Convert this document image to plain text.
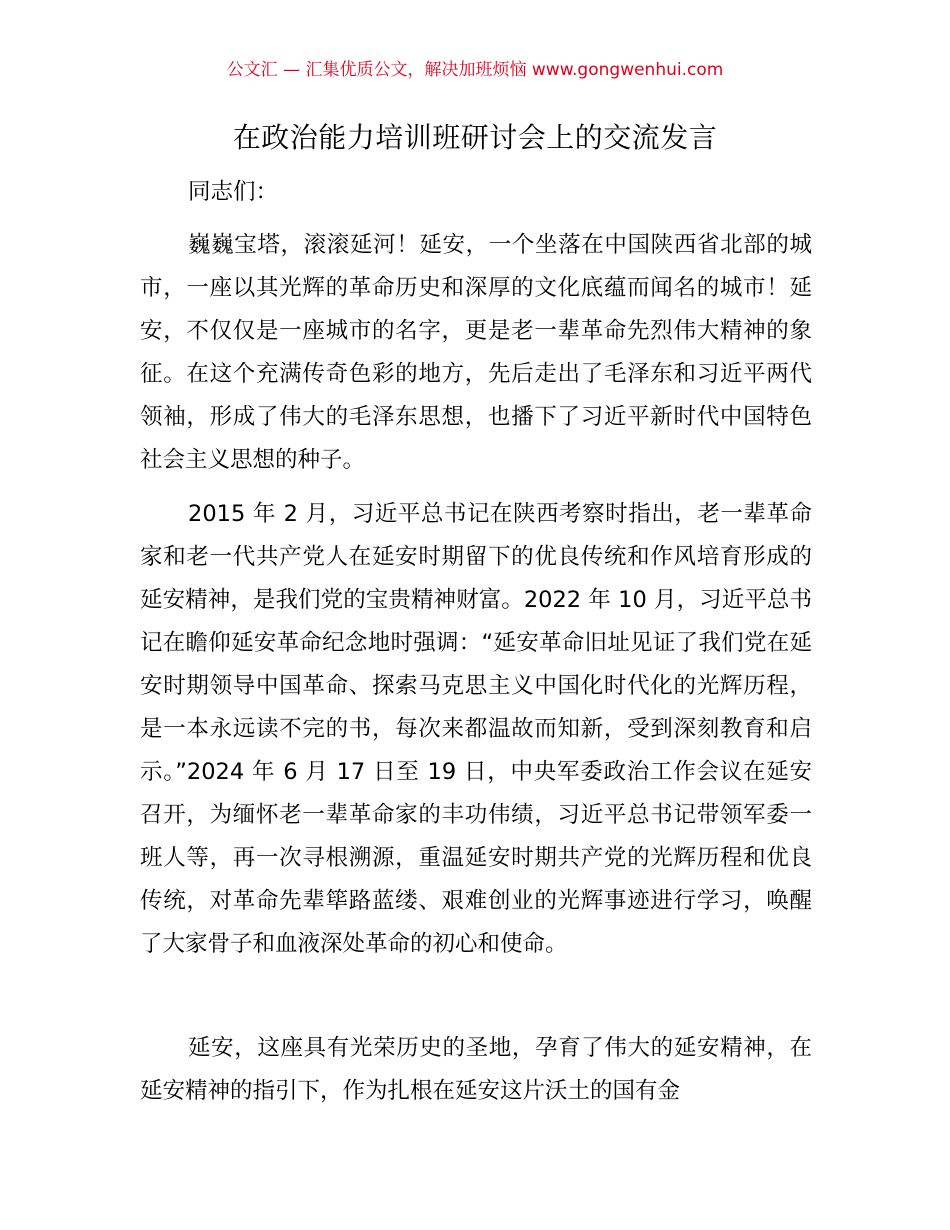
公文汇 — 汇集优质公文，解决加班烦恼 www.gongwenhui.com
在政治能力培训班研讨会上的交流发言
同志们：

巍巍宝塔，滚滚延河！延安，一个坐落在中国陕西省北部的城市，一座以其光辉的革命历史和深厚的文化底蕴而闻名的城市！延安，不仅仅是一座城市的名字，更是老一辈革命先烈伟大精神的象征。在这个充满传奇色彩的地方，先后走出了毛泽东和习近平两代领袖，形成了伟大的毛泽东思想，也播下了习近平新时代中国特色社会主义思想的种子。

2015 年 2 月，习近平总书记在陕西考察时指出，老一辈革命家和老一代共产党人在延安时期留下的优良传统和作风培育形成的延安精神，是我们党的宝贵精神财富。2022 年 10 月，习近平总书记在瞻仰延安革命纪念地时强调：“延安革命旧址见证了我们党在延安时期领导中国革命、探索马克思主义中国化时代化的光辉历程，是一本永远读不完的书，每次来都温故而知新，受到深刻教育和启示。”2024 年 6 月 17 日至 19 日，中央军委政治工作会议在延安召开，为缅怀老一辈革命家的丰功伟绩，习近平总书记带领军委一班人等，再一次寻根溯源，重温延安时期共产党的光辉历程和优良传统，对革命先辈筚路蓝缕、艰难创业的光辉事迹进行学习，唤醒了大家骨子和血液深处革命的初心和使命。

延安，这座具有光荣历史的圣地，孕育了伟大的延安精神，在延安精神的指引下，作为扎根在延安这片沃土的国有金
